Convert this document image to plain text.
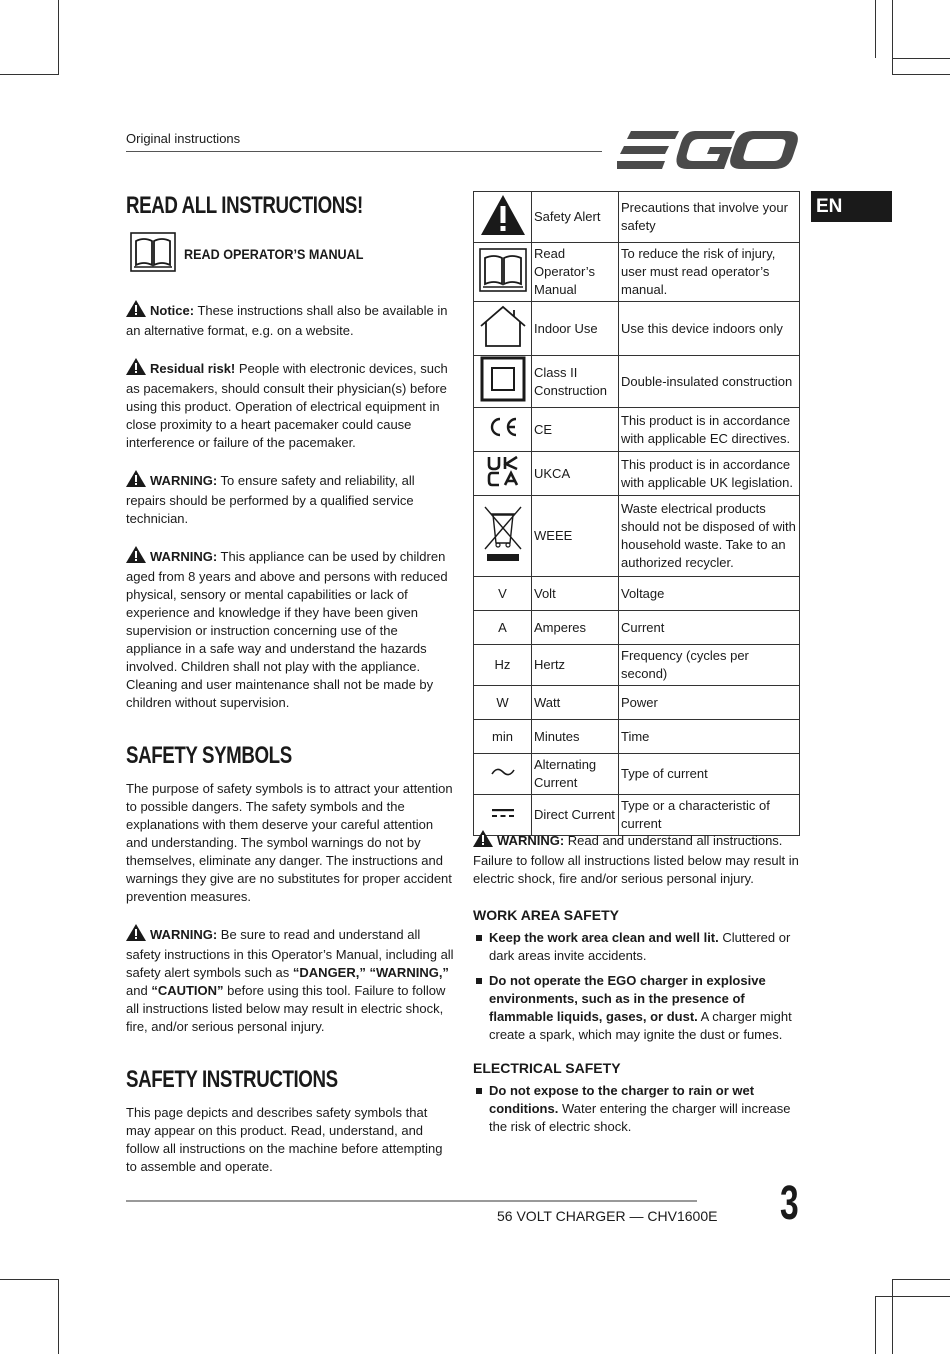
Original instructions
EN
READ ALL INSTRUCTIONS!
READ OPERATOR’S MANUAL

Notice: These instructions shall also be available in an alternative format, e.g. on a website.

Residual risk! People with electronic devices, such as pacemakers, should consult their physician(s) before using this product. Operation of electrical equipment in close proximity to a heart pacemaker could cause interference or failure of the pacemaker.

WARNING: To ensure safety and reliability, all repairs should be performed by a qualified service technician.

WARNING: This appliance can be used by children aged from 8 years and above and persons with reduced physical, sensory or mental capabilities or lack of experience and knowledge if they have been given supervision or instruction concerning use of the appliance in a safe way and understand the hazards involved. Children shall not play with the appliance. Cleaning and user maintenance shall not be made by children without supervision.

SAFETY SYMBOLS

The purpose of safety symbols is to attract your attention to possible dangers. The safety symbols and the explanations with them deserve your careful attention and understanding. The symbol warnings do not by themselves, eliminate any danger. The instructions and warnings they give are no substitutes for proper accident prevention measures.

WARNING: Be sure to read and understand all safety instructions in this Operator’s Manual, including all safety alert symbols such as “DANGER,” “WARNING,” and “CAUTION” before using this tool. Failure to follow all instructions listed below may result in electric shock, fire, and/or serious personal injury.

SAFETY INSTRUCTIONS

This page depicts and describes safety symbols that may appear on this product. Read, understand, and follow all instructions on the machine before attempting to assemble and operate.

	Safety Alert	Precautions that involve your safety
	Read Operator’s Manual	To reduce the risk of injury, user must read operator’s manual.
	Indoor Use	Use this device indoors only
	Class II Construction	Double-insulated construction
	CE	This product is in accordance with applicable EC directives.
	UKCA	This product is in accordance with applicable UK legislation.
	WEEE	Waste electrical products should not be disposed of with household waste. Take to an authorized recycler.
V	Volt	Voltage
A	Amperes	Current
Hz	Hertz	Frequency (cycles per second)
W	Watt	Power
min	Minutes	Time
	Alternating Current	Type of current
	Direct Current	Type or a characteristic of current

WARNING: Read and understand all instructions. Failure to follow all instructions listed below may result in electric shock, fire and/or serious personal injury.

WORK AREA SAFETY
Keep the work area clean and well lit. Cluttered or dark areas invite accidents.
Do not operate the EGO charger in explosive environments, such as in the presence of flammable liquids, gases, or dust. A charger might create a spark, which may ignite the dust or fumes.
ELECTRICAL SAFETY
Do not expose to the charger to rain or wet conditions. Water entering the charger will increase the risk of electric shock.
56 VOLT CHARGER — CHV1600E 3
